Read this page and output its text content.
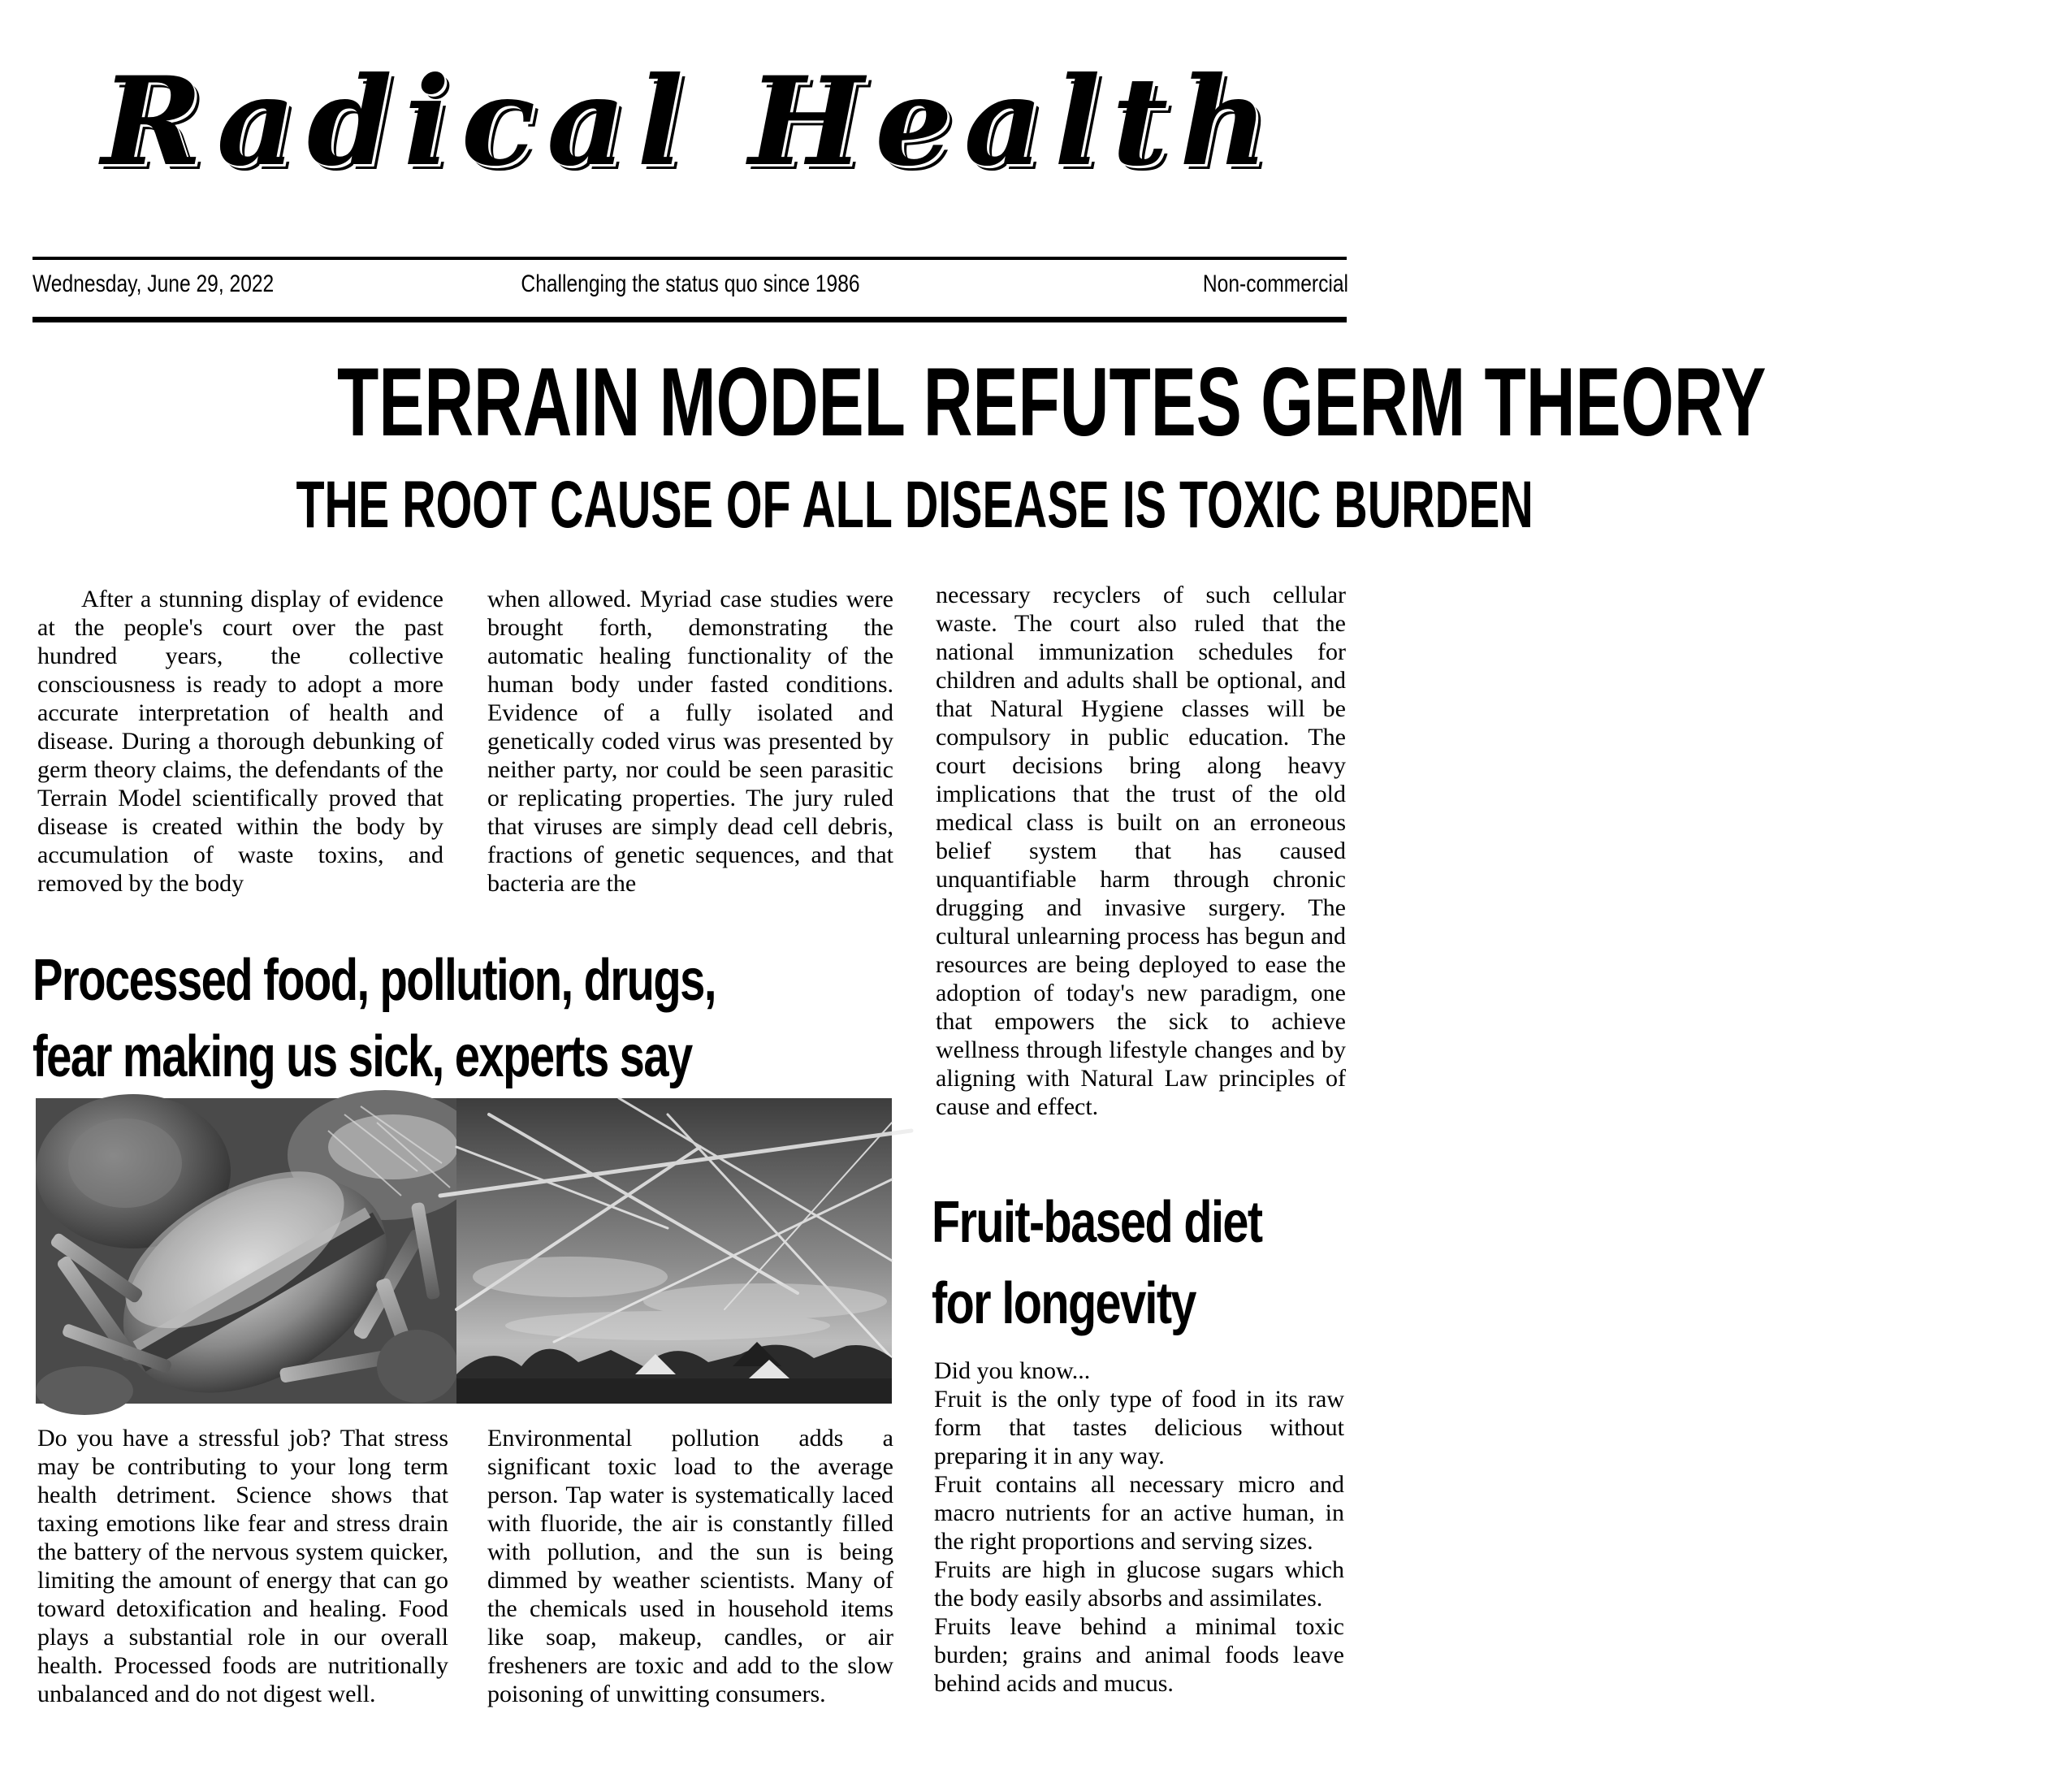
Radical Health
Wednesday, June 29, 2022	Challenging the status quo since 1986	Non-commercial
TERRAIN MODEL REFUTES GERM THEORY
THE ROOT CAUSE OF ALL DISEASE IS TOXIC BURDEN

After a stunning display of evidence at the people's court over the past hundred years, the collective consciousness is ready to adopt a more accurate interpretation of health and disease. During a thorough debunking of germ theory claims, the defendants of the Terrain Model scientifically proved that disease is created within the body by accumulation of waste toxins, and removed by the body

when allowed. Myriad case studies were brought forth, demonstrating the automatic healing functionality of the human body under fasted conditions. Evidence of a fully isolated and genetically coded virus was presented by neither party, nor could be seen parasitic or replicating properties. The jury ruled that viruses are simply dead cell debris, fractions of genetic sequences, and that bacteria are the

necessary recyclers of such cellular waste. The court also ruled that the national immunization schedules for children and adults shall be optional, and that Natural Hygiene classes will be compulsory in public education. The court decisions bring along heavy implications that the trust of the old medical class is built on an erroneous belief system that has caused unquantifiable harm through chronic drugging and invasive surgery. The cultural unlearning process has begun and resources are being deployed to ease the adoption of today's new paradigm, one that empowers the sick to achieve wellness through lifestyle changes and by aligning with Natural Law principles of cause and effect.

Processed food, pollution, drugs,
fear making us sick, experts say

Do you have a stressful job? That stress may be contributing to your long term health detriment. Science shows that taxing emotions like fear and stress drain the battery of the nervous system quicker, limiting the amount of energy that can go toward detoxification and healing. Food plays a substantial role in our overall health. Processed foods are nutritionally unbalanced and do not digest well.

Environmental pollution adds a significant toxic load to the average person. Tap water is systematically laced with fluoride, the air is constantly filled with pollution, and the sun is being dimmed by weather scientists. Many of the chemicals used in household items like soap, makeup, candles, or air fresheners are toxic and add to the slow poisoning of unwitting consumers.

Fruit-based diet
for longevity

Did you know...

Fruit is the only type of food in its raw form that tastes delicious without preparing it in any way.

Fruit contains all necessary micro and macro nutrients for an active human, in the right proportions and serving sizes.

Fruits are high in glucose sugars which the body easily absorbs and assimilates.

Fruits leave behind a minimal toxic burden; grains and animal foods leave behind acids and mucus.
